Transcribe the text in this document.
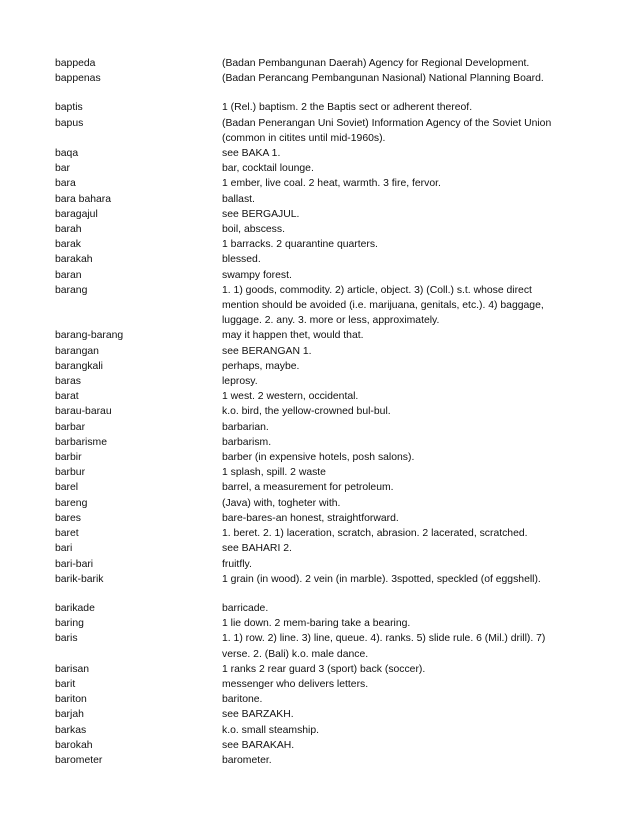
bappeda	(Badan Pembangunan Daerah) Agency for Regional Development.
bappenas	(Badan Perancang Pembangunan Nasional) National Planning Board.
baptis	1 (Rel.) baptism. 2 the Baptis sect or adherent thereof.
bapus	(Badan Penerangan Uni Soviet) Information Agency of the Soviet Union
(common in citites until mid-1960s).
baqa	see BAKA 1.
bar	bar, cocktail lounge.
bara	1 ember, live coal. 2 heat, warmth. 3 fire, fervor.
bara bahara	ballast.
baragajul	see BERGAJUL.
barah	boil, abscess.
barak	1 barracks. 2 quarantine quarters.
barakah	blessed.
baran	swampy forest.
barang	1. 1) goods, commodity. 2) article, object. 3) (Coll.) s.t. whose direct
mention should be avoided (i.e. marijuana, genitals, etc.). 4) baggage,
luggage. 2. any. 3. more or less, approximately.
barang-barang	may it happen thet, would that.
barangan	see BERANGAN 1.
barangkali	perhaps, maybe.
baras	leprosy.
barat	1 west. 2 western, occidental.
barau-barau	k.o. bird, the yellow-crowned bul-bul.
barbar	barbarian.
barbarisme	barbarism.
barbir	barber (in expensive hotels, posh salons).
barbur	1 splash, spill. 2 waste
barel	barrel, a measurement for petroleum.
bareng	(Java) with, togheter with.
bares	bare-bares-an honest, straightforward.
baret	1. beret. 2. 1) laceration, scratch, abrasion. 2 lacerated, scratched.
bari	see BAHARI 2.
bari-bari	fruitfly.
barik-barik	1 grain (in wood). 2 vein (in marble). 3spotted, speckled (of eggshell).
barikade	barricade.
baring	1 lie down. 2 mem-baring take a bearing.
baris	1. 1) row. 2) line. 3) line, queue. 4). ranks. 5) slide rule. 6 (Mil.) drill). 7)
verse. 2. (Bali) k.o. male dance.
barisan	1 ranks 2 rear guard 3 (sport) back (soccer).
barit	messenger who delivers letters.
bariton	baritone.
barjah	see BARZAKH.
barkas	k.o. small steamship.
barokah	see BARAKAH.
barometer	barometer.
